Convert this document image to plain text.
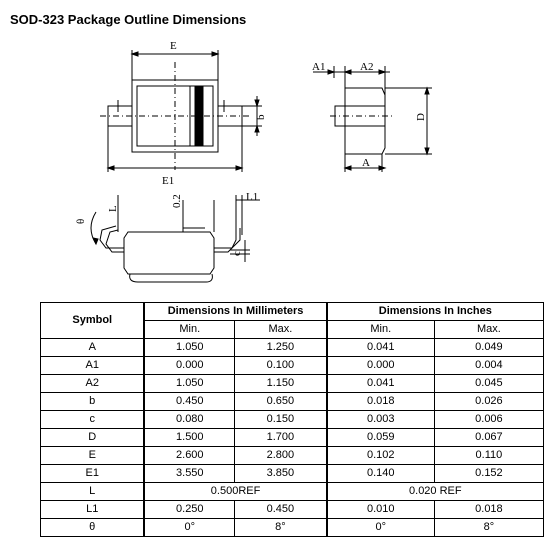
SOD-323 Package Outline Dimensions
E
E1
b
A1	A2
A
D
θ
0.2	L1
L
c
Symbol	Dimensions In Millimeters		Dimensions In Inches	
	Min.	Max.	Min.	Max.
A	1.050	1.250	0.041	0.049
A1	0.000	0.100	0.000	0.004
A2	1.050	1.150	0.041	0.045
b	0.450	0.650	0.018	0.026
c	0.080	0.150	0.003	0.006
D	1.500	1.700	0.059	0.067
E	2.600	2.800	0.102	0.110
E1	3.550	3.850	0.140	0.152
L	0.500REF		0.020 REF	
L1	0.250	0.450	0.010	0.018
θ	0°	8°	0°	8°
